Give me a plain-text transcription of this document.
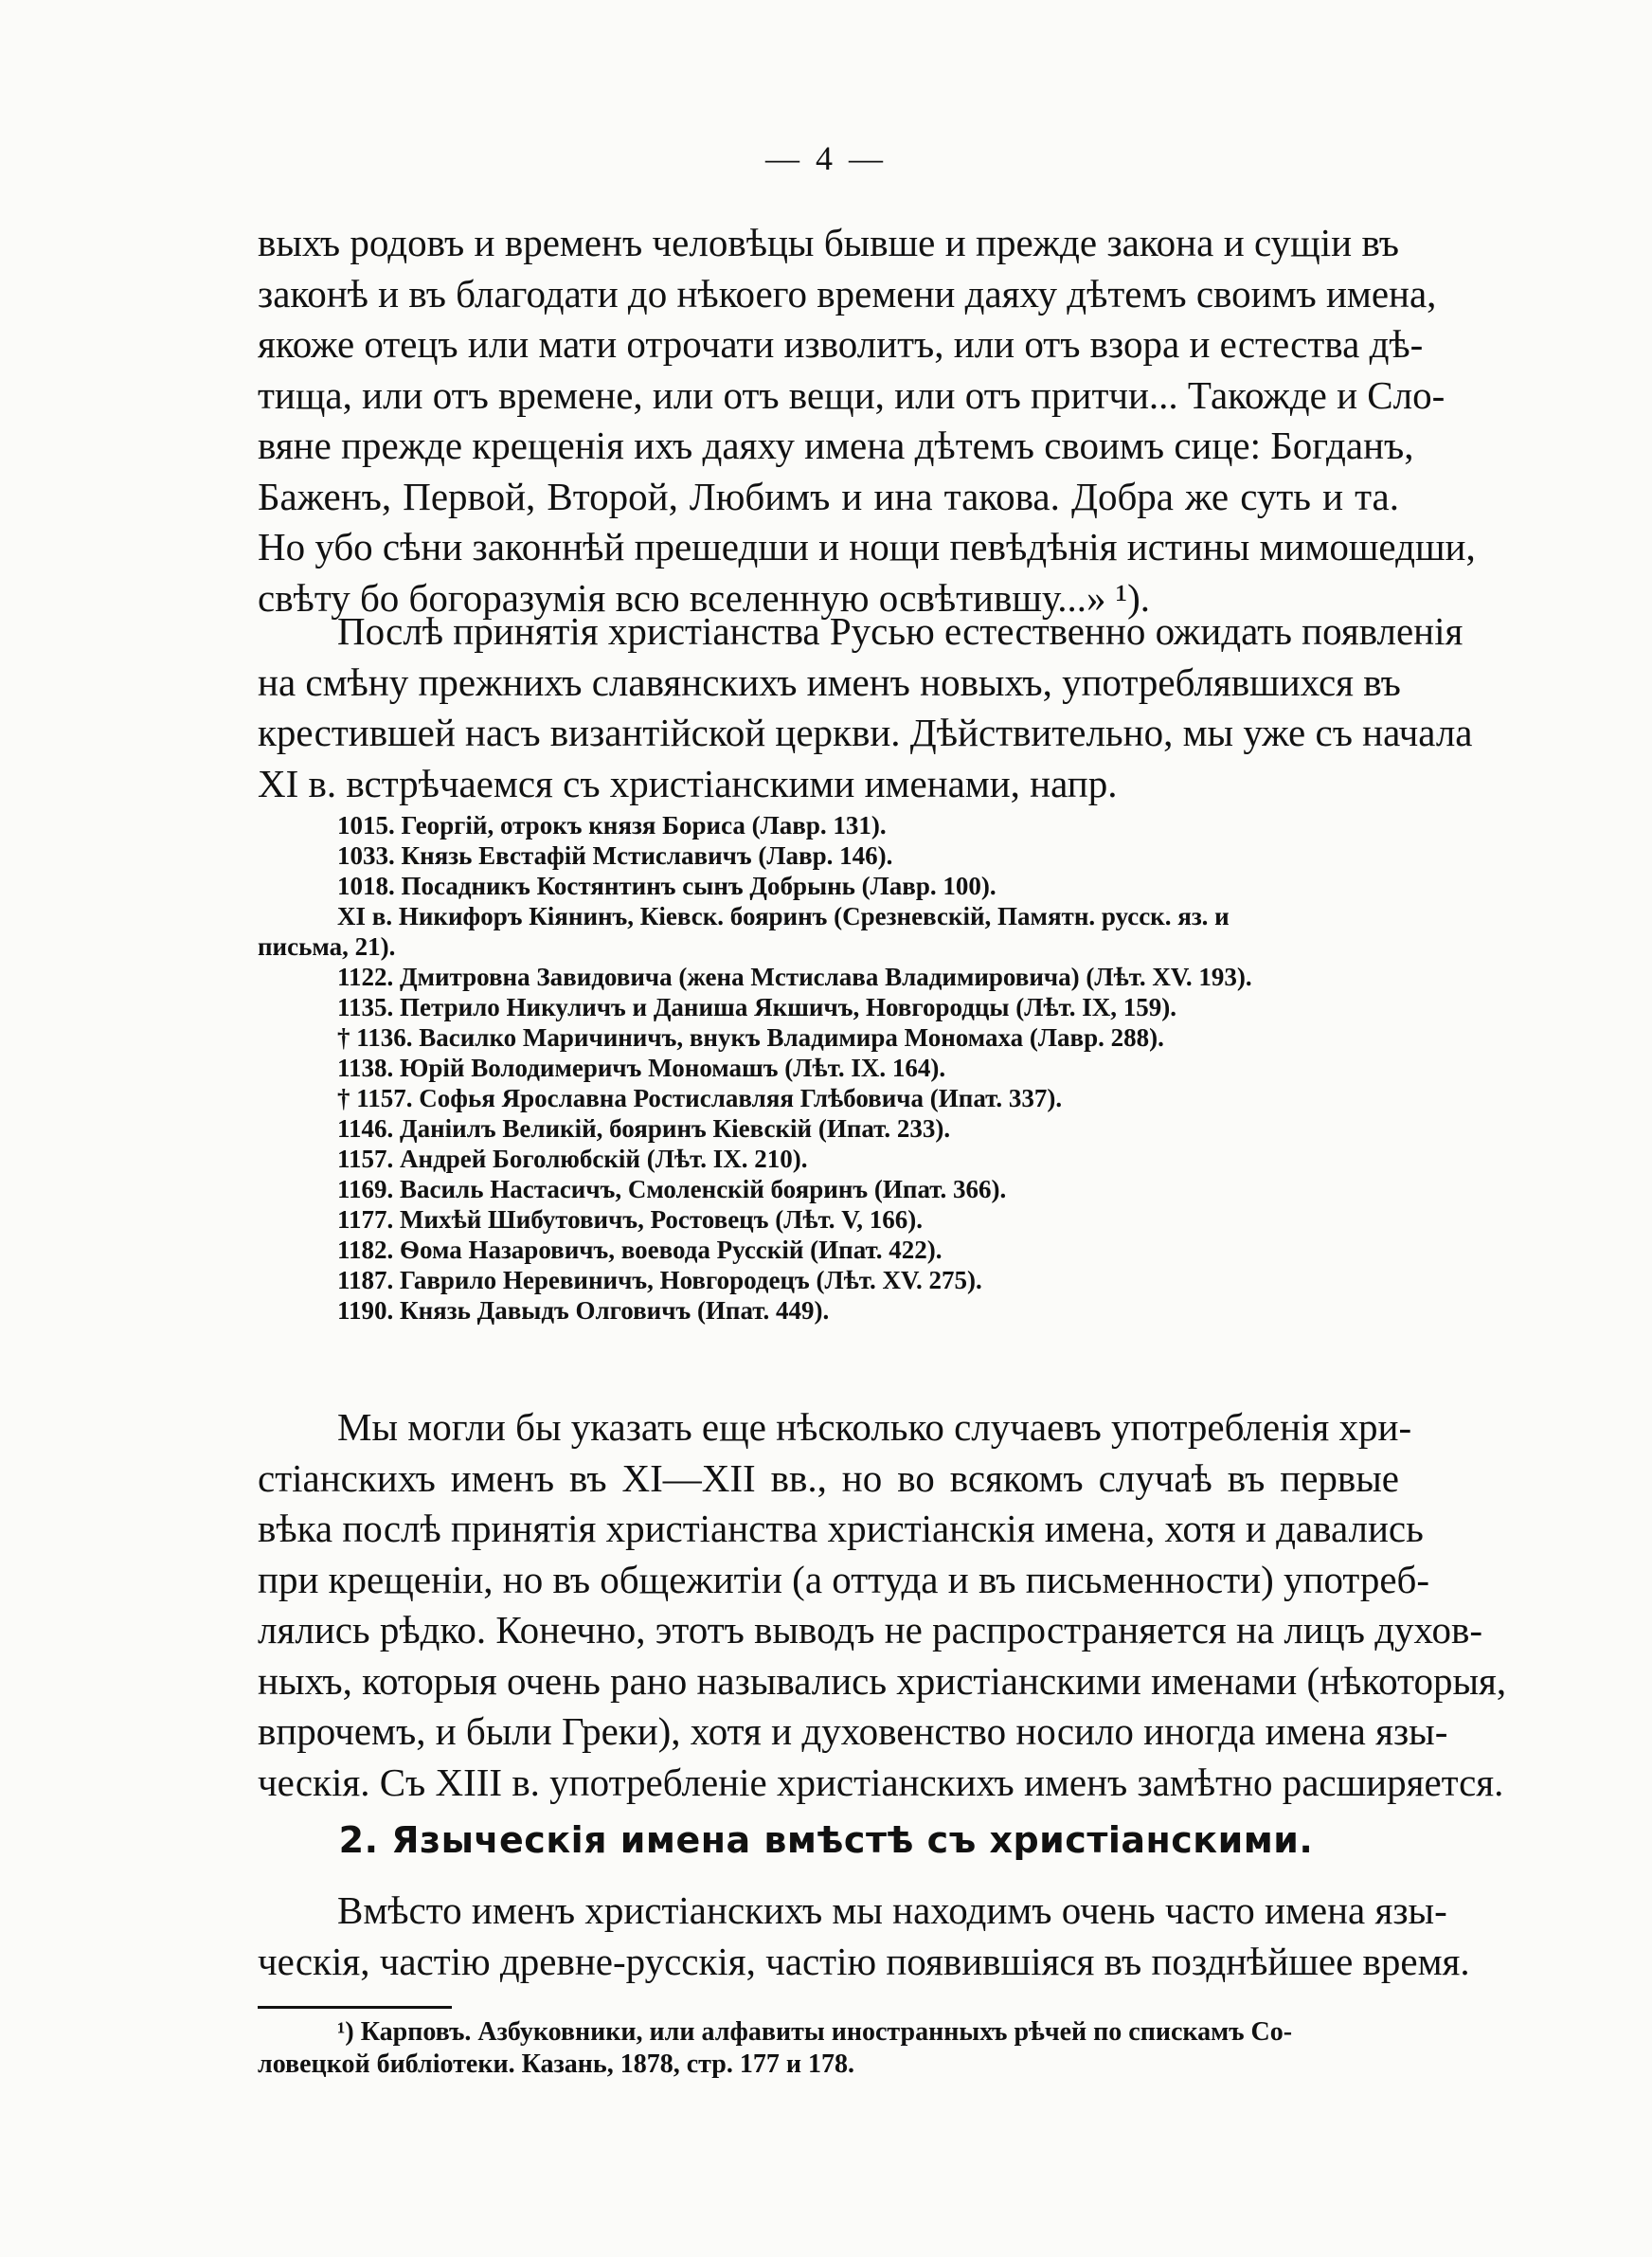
— 4 —
выхъ родовъ и временъ человѣцы бывше и прежде закона и сущіи въ
законѣ и въ благодати до нѣкоего времени даяху дѣтемъ своимъ имена,
якоже отецъ или мати отрочати изволитъ, или отъ взора и естества дѣ-
тища, или отъ времене, или отъ вещи, или отъ притчи... Такожде и Сло-
вяне прежде крещенія ихъ даяху имена дѣтемъ своимъ сице: Богданъ,
Баженъ, Первой, Второй, Любимъ и ина такова. Добра же суть и та.
Но убо сѣни законнѣй прешедши и нощи певѣдѣнія истины мимошедши,
свѣту бо богоразумія всю вселенную освѣтившу...» ¹).
Послѣ принятія христіанства Русью естественно ожидать появленія
на смѣну прежнихъ славянскихъ именъ новыхъ, употреблявшихся въ
крестившей насъ византійской церкви. Дѣйствительно, мы уже съ начала
XI в. встрѣчаемся съ христіанскими именами, напр.
1015. Георгій, отрокъ князя Бориса (Лавр. 131).
1033. Князь Евстафій Мстиславичъ (Лавр. 146).
1018. Посадникъ Костянтинъ сынъ Добрынь (Лавр. 100).
XI в. Никифоръ Кіянинъ, Кіевск. бояринъ (Срезневскій, Памятн. русск. яз. и
письма, 21).
1122. Дмитровна Завидовича (жена Мстислава Владимировича) (Лѣт. XV. 193).
1135. Петрило Никуличъ и Даниша Якшичъ, Новгородцы (Лѣт. IX, 159).
† 1136. Василко Маричиничъ, внукъ Владимира Мономаха (Лавр. 288).
1138. Юрій Володимеричъ Мономашъ (Лѣт. IX. 164).
† 1157. Софья Ярославна Ростиславляя Глѣбовича (Ипат. 337).
1146. Даніилъ Великій, бояринъ Кіевскій (Ипат. 233).
1157. Андрей Боголюбскій (Лѣт. IX. 210).
1169. Василь Настасичъ, Смоленскій бояринъ (Ипат. 366).
1177. Михѣй Шибутовичъ, Ростовецъ (Лѣт. V, 166).
1182. Ѳома Назаровичъ, воевода Русскій (Ипат. 422).
1187. Гаврило Неревиничъ, Новгородецъ (Лѣт. XV. 275).
1190. Князь Давыдъ Олговичъ (Ипат. 449).
Мы могли бы указать еще нѣсколько случаевъ употребленія хри-
стіанскихъ именъ въ XI—XII вв., но во всякомъ случаѣ въ первые
вѣка послѣ принятія христіанства христіанскія имена, хотя и давались
при крещеніи, но въ общежитіи (а оттуда и въ письменности) употреб-
лялись рѣдко. Конечно, этотъ выводъ не распространяется на лицъ духов-
ныхъ, которыя очень рано назывались христіанскими именами (нѣкоторыя,
впрочемъ, и были Греки), хотя и духовенство носило иногда имена язы-
ческія. Съ XIII в. употребленіе христіанскихъ именъ замѣтно расширяется.
2. Языческія имена вмѣстѣ съ христіанскими.
Вмѣсто именъ христіанскихъ мы находимъ очень часто имена язы-
ческія, частію древне-русскія, частію появившіяся въ позднѣйшее время.
¹) Карповъ. Азбуковники, или алфавиты иностранныхъ рѣчей по спискамъ Со-
ловецкой библіотеки. Казань, 1878, стр. 177 и 178.
